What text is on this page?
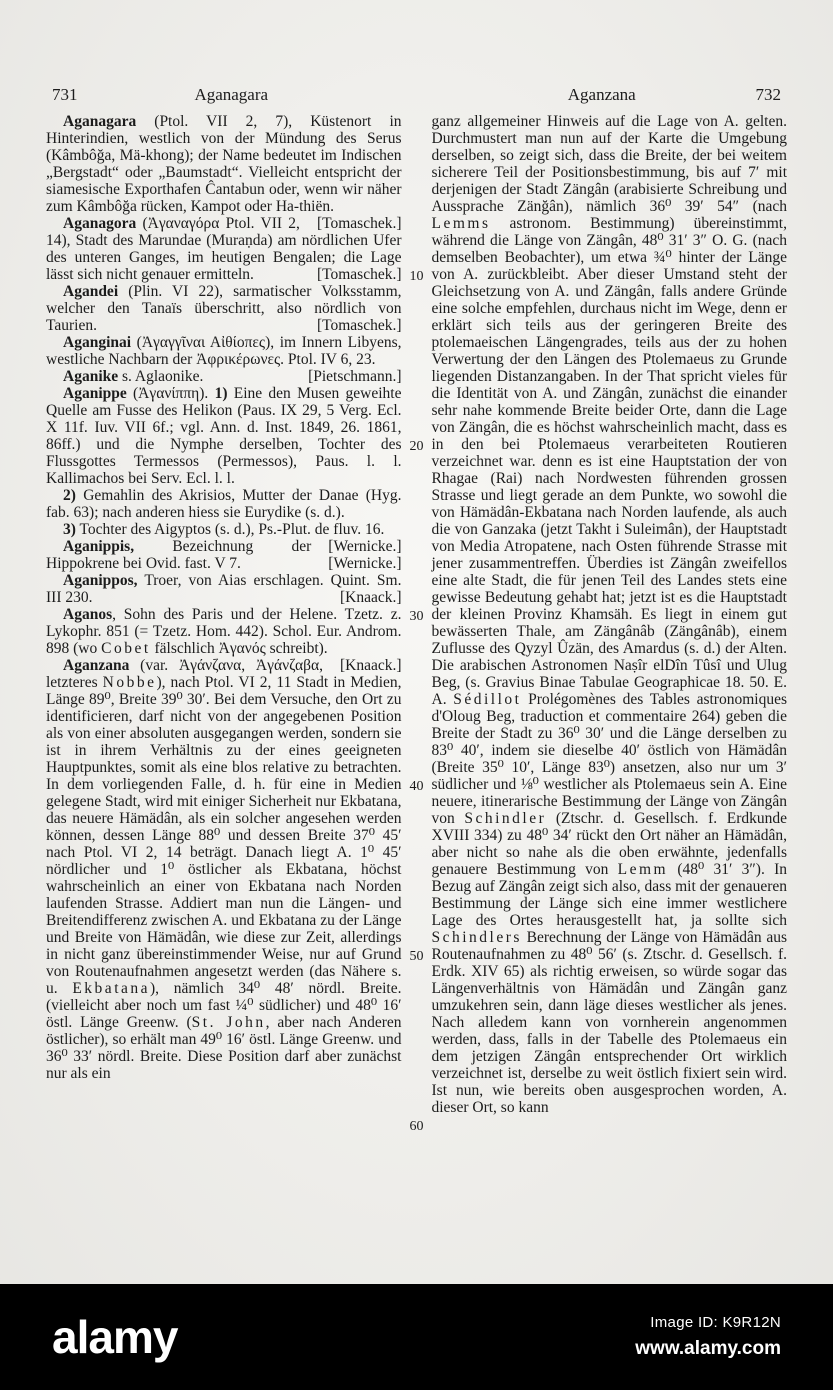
731	Aganagara	Aganzana	732

Aganagara (Ptol. VII 2, 7), Küstenort in Hinterindien, westlich von der Mündung des Serus (Kâmbôğa, Mä-khong); der Name bedeutet im Indischen „Bergstadt“ oder „Baumstadt“. Vielleicht entspricht der siamesische Exporthafen Ĉantabun oder, wenn wir näher zum Kâmbôğa rücken, Kampot oder Ha-thiën.
[Tomaschek.]

Aganagora (Ἀγαναγόρα Ptol. VII 2, 14), Stadt des Marundae (Muraṇda) am nördlichen Ufer des unteren Ganges, im heutigen Bengalen; die Lage lässt sich nicht genauer ermitteln.	[Tomaschek.]

Agandei (Plin. VI 22), sarmatischer Volksstamm, welcher den Tanaïs überschritt, also nördlich von Taurien.	[Tomaschek.]

Aganginai (Ἀγαγγῖναι Αἰθίοπες), im Innern Libyens, westliche Nachbarn der Ἀφρικέρωνες. Ptol. IV 6, 23.
[Pietschmann.]

Aganike s. Aglaonike.

Aganippe (Ἀγανίππη). 1) Eine den Musen geweihte Quelle am Fusse des Helikon (Paus. IX 29, 5 Verg. Ecl. X 11f. Iuv. VII 6f.; vgl. Ann. d. Inst. 1849, 26. 1861, 86ff.) und die Nymphe derselben, Tochter des Flussgottes Termessos (Permessos), Paus. l. l. Kallimachos bei Serv. Ecl. l. l.

2) Gemahlin des Akrisios, Mutter der Danae (Hyg. fab. 63); nach anderen hiess sie Eurydike (s. d.).

3) Tochter des Aigyptos (s. d.), Ps.-Plut. de fluv. 16.
[Wernicke.]

Aganippis, Bezeichnung der Hippokrene bei Ovid. fast. V 7.	[Wernicke.]

Aganippos, Troer, von Aias erschlagen. Quint. Sm. III 230.	[Knaack.]

Aganos, Sohn des Paris und der Helene. Tzetz. z. Lykophr. 851 (= Tzetz. Hom. 442). Schol. Eur. Androm. 898 (wo Cobet fälschlich Ἀγανός schreibt).
[Knaack.]

Aganzana (var. Ἀγάνζανα, Ἀγάνζαβα, letzteres Nobbe), nach Ptol. VI 2, 11 Stadt in Medien, Länge 89⁰, Breite 39⁰ 30′. Bei dem Versuche, den Ort zu identificieren, darf nicht von der angegebenen Position als von einer absoluten ausgegangen werden, sondern sie ist in ihrem Verhältnis zu der eines geeigneten Hauptpunktes, somit als eine blos relative zu betrachten. In dem vorliegenden Falle, d. h. für eine in Medien gelegene Stadt, wird mit einiger Sicherheit nur Ekbatana, das neuere Hämädân, als ein solcher angesehen werden können, dessen Länge 88⁰ und dessen Breite 37⁰ 45′ nach Ptol. VI 2, 14 beträgt. Danach liegt A. 1⁰ 45′ nördlicher und 1⁰ östlicher als Ekbatana, höchst wahrscheinlich an einer von Ekbatana nach Norden laufenden Strasse. Addiert man nun die Längen- und Breitendifferenz zwischen A. und Ekbatana zu der Länge und Breite von Hämädân, wie diese zur Zeit, allerdings in nicht ganz übereinstimmender Weise, nur auf Grund von Routenaufnahmen angesetzt werden (das Nähere s. u. Ekbatana), nämlich 34⁰ 48′ nördl. Breite. (vielleicht aber noch um fast ¼⁰ südlicher) und 48⁰ 16′ östl. Länge Greenw. (St. John, aber nach Anderen östlicher), so erhält man 49⁰ 16′ östl. Länge Greenw. und 36⁰ 33′ nördl. Breite. Diese Position darf aber zunächst nur als ein

ganz allgemeiner Hinweis auf die Lage von A. gelten. Durchmustert man nun auf der Karte die Umgebung derselben, so zeigt sich, dass die Breite, der bei weitem sicherere Teil der Positionsbestimmung, bis auf 7′ mit derjenigen der Stadt Zängân (arabisierte Schreibung und Aussprache Zänğân), nämlich 36⁰ 39′ 54″ (nach Lemms astronom. Bestimmung) übereinstimmt, während die Länge von Zängân, 48⁰ 31′ 3″ O. G. (nach demselben Beobachter), um etwa ¾⁰ hinter der Länge von A. zurückbleibt. Aber dieser Umstand steht der Gleichsetzung von A. und Zängân, falls andere Gründe eine solche empfehlen, durchaus nicht im Wege, denn er erklärt sich teils aus der geringeren Breite des ptolemaeischen Längengrades, teils aus der zu hohen Verwertung der den Längen des Ptolemaeus zu Grunde liegenden Distanzangaben. In der That spricht vieles für die Identität von A. und Zängân, zunächst die einander sehr nahe kommende Breite beider Orte, dann die Lage von Zängân, die es höchst wahrscheinlich macht, dass es in den bei Ptolemaeus verarbeiteten Routieren verzeichnet war. denn es ist eine Hauptstation der von Rhagae (Rai) nach Nordwesten führenden grossen Strasse und liegt gerade an dem Punkte, wo sowohl die von Hämädân-Ekbatana nach Norden laufende, als auch die von Ganzaka (jetzt Takht i Suleimân), der Hauptstadt von Media Atropatene, nach Osten führende Strasse mit jener zusammentreffen. Überdies ist Zängân zweifellos eine alte Stadt, die für jenen Teil des Landes stets eine gewisse Bedeutung gehabt hat; jetzt ist es die Hauptstadt der kleinen Provinz Khamsäh. Es liegt in einem gut bewässerten Thale, am Zängânâb (Zängânâb), einem Zuflusse des Qyzyl Ûzän, des Amardus (s. d.) der Alten. Die arabischen Astronomen Naṣîr elDîn Tûsî und Ulug Beg, (s. Gravius Binae Tabulae Geographicae 18. 50. E. A. Sédillot Prolégomènes des Tables astronomiques d'Oloug Beg, traduction et commentaire 264) geben die Breite der Stadt zu 36⁰ 30′ und die Länge derselben zu 83⁰ 40′, indem sie dieselbe 40′ östlich von Hämädân (Breite 35⁰ 10′, Länge 83⁰) ansetzen, also nur um 3′ südlicher und ⅛⁰ westlicher als Ptolemaeus sein A. Eine neuere, itinerarische Bestimmung der Länge von Zängân von Schindler (Ztschr. d. Gesellsch. f. Erdkunde XVIII 334) zu 48⁰ 34′ rückt den Ort näher an Hämädân, aber nicht so nahe als die oben erwähnte, jedenfalls genauere Bestimmung von Lemm (48⁰ 31′ 3″). In Bezug auf Zängân zeigt sich also, dass mit der genaueren Bestimmung der Länge sich eine immer westlichere Lage des Ortes herausgestellt hat, ja sollte sich Schindlers Berechnung der Länge von Hämädân aus Routenaufnahmen zu 48⁰ 56′ (s. Ztschr. d. Gesellsch. f. Erdk. XIV 65) als richtig erweisen, so würde sogar das Längenverhältnis von Hämädân und Zängân ganz umzukehren sein, dann läge dieses westlicher als jenes. Nach alledem kann von vornherein angenommen werden, dass, falls in der Tabelle des Ptolemaeus ein dem jetzigen Zängân entsprechender Ort wirklich verzeichnet ist, derselbe zu weit östlich fixiert sein wird. Ist nun, wie bereits oben ausgesprochen worden, A. dieser Ort, so kann

10
20
30
40
50
60
alamy	Image ID: K9R12N
www.alamy.com
